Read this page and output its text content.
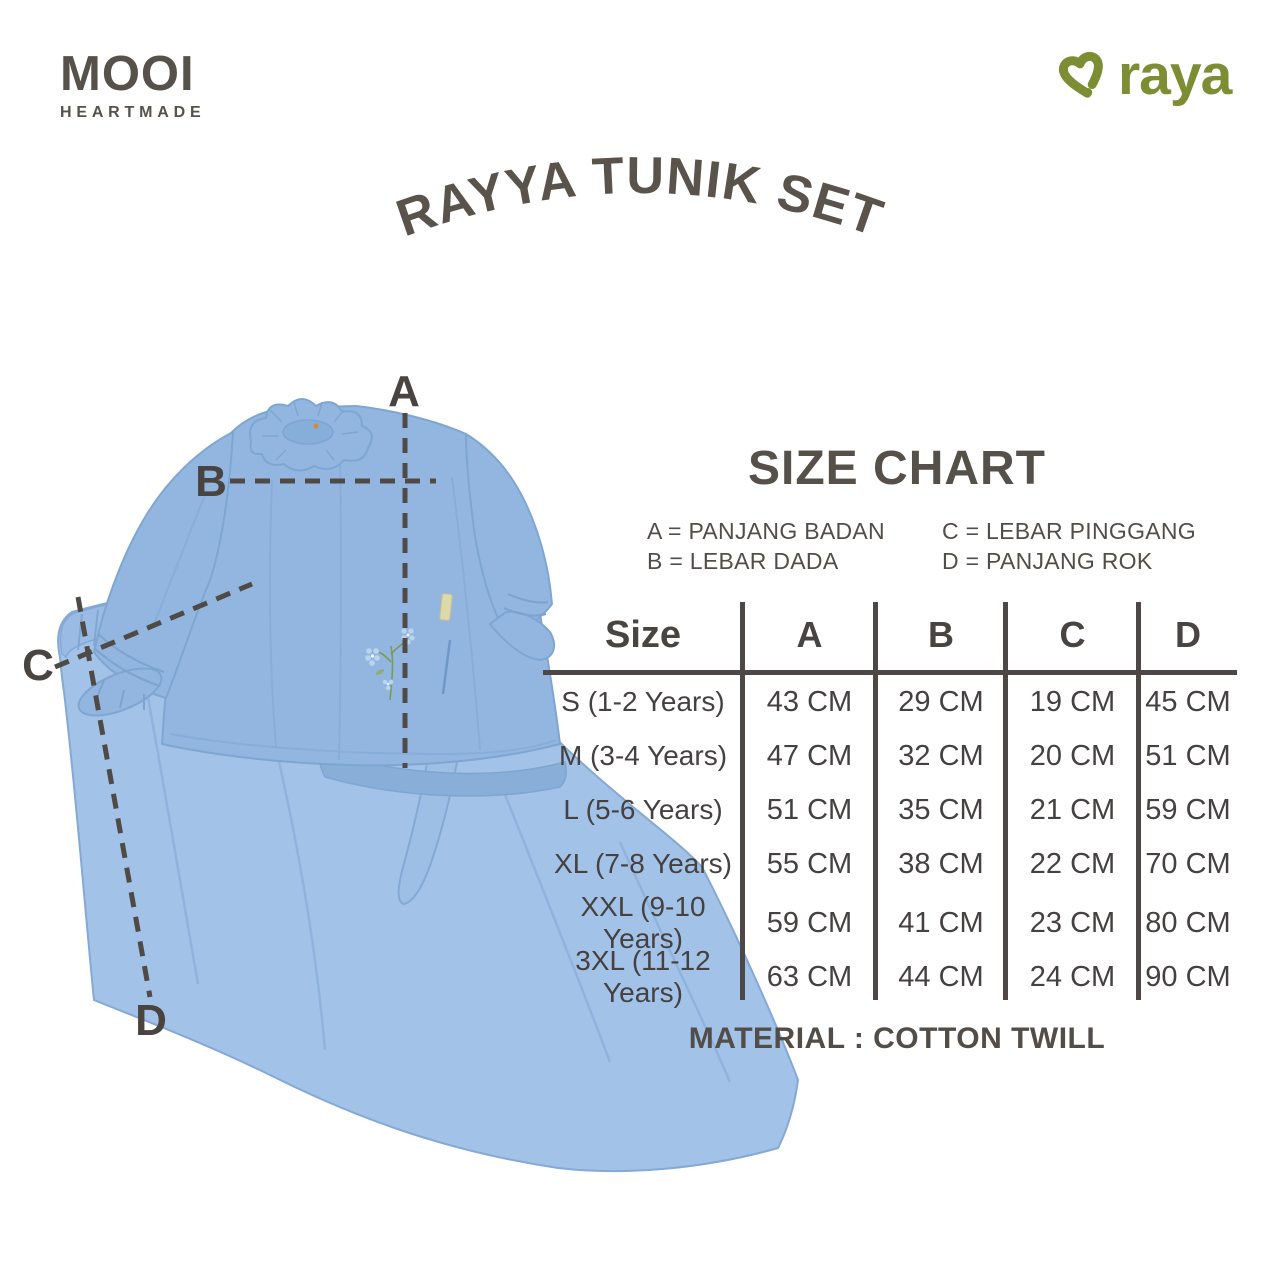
MOOI
HEARTMADE
raya
RAYYA TUNIK SET
A
B
C
D
SIZE CHART
A = PANJANG BADAN
B = LEBAR DADA
C = LEBAR PINGGANG
D = PANJANG ROK
Size	A	B	C	D
S (1-2 Years)	43 CM	29 CM	19 CM	45 CM
M (3-4 Years)	47 CM	32 CM	20 CM	51 CM
L (5-6 Years)	51 CM	35 CM	21 CM	59 CM
XL (7-8 Years)	55 CM	38 CM	22 CM	70 CM
XXL (9-10 Years)	59 CM	41 CM	23 CM	80 CM
3XL (11-12 Years)	63 CM	44 CM	24 CM	90 CM
MATERIAL : COTTON TWILL
